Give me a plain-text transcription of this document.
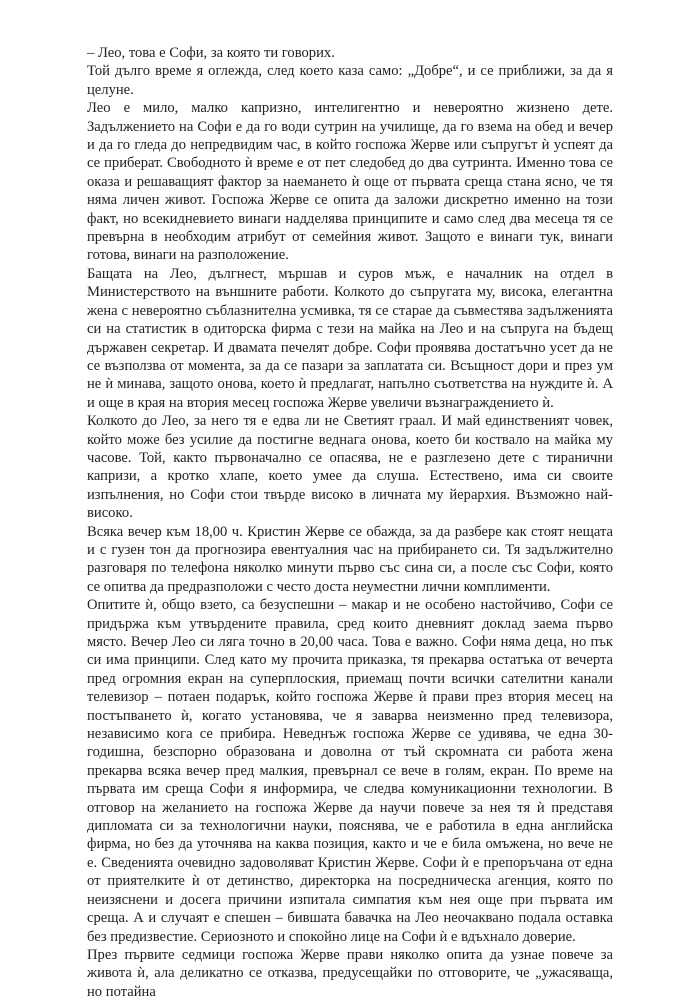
– Лео, това е Софи, за която ти говорих.

Той дълго време я оглежда, след което каза само: „Добре“, и се приближи, за да я целуне.

Лео е мило, малко капризно, интелигентно и невероятно жизнено дете. Задължението на Софи е да го води сутрин на училище, да го взема на обед и вечер и да го гледа до непредвидим час, в който госпожа Жерве или съпругът ѝ успеят да се приберат. Свободното ѝ време е от пет следобед до два сутринта. Именно това се оказа и решаващият фактор за наемането ѝ още от първата среща стана ясно, че тя няма личен живот. Госпожа Жерве се опита да заложи дискретно именно на този факт, но всекидневието винаги надделява принципите и само след два месеца тя се превърна в необходим атрибут от семейния живот. Защото е винаги тук, винаги готова, винаги на разположение.

Бащата на Лео, дългнест, мършав и суров мъж, е началник на отдел в Министерството на външните работи. Колкото до съпругата му, висока, елегантна жена с невероятно съблазнителна усмивка, тя се старае да съвместява задълженията си на статистик в одиторска фирма с тези на майка на Лео и на съпруга на бъдещ държавен секретар. И двамата печелят добре. Софи проявява достатъчно усет да не се възползва от момента, за да се пазари за заплатата си. Всъщност дори и през ум не ѝ минава, защото онова, което ѝ предлагат, напълно съответства на нуждите ѝ. А и още в края на втория месец госпожа Жерве увеличи възнаграждението ѝ.

Колкото до Лео, за него тя е едва ли не Светият граал. И май единственият човек, който може без усилие да постигне веднага онова, което би коствало на майка му часове. Той, както първоначално се опасява, не е разглезено дете с тиранични капризи, а кротко хлапе, което умее да слуша. Естествено, има си своите изпълнения, но Софи стои твърде високо в личната му йерархия. Възможно най-високо.

Всяка вечер към 18,00 ч. Кристин Жерве се обажда, за да разбере как стоят нещата и с гузен тон да прогнозира евентуалния час на прибирането си. Тя задължително разговаря по телефона няколко минути първо със сина си, а после със Софи, която се опитва да предразположи с често доста неуместни лични комплименти.

Опитите ѝ, общо взето, са безуспешни – макар и не особено настойчиво, Софи се придържа към утвърдените правила, сред които дневният доклад заема първо място. Вечер Лео си ляга точно в 20,00 часа. Това е важно. Софи няма деца, но пък си има принципи. След като му прочита приказка, тя прекарва остатъка от вечерта пред огромния екран на суперплоския, приемащ почти всички сателитни канали телевизор – потаен подарък, който госпожа Жерве ѝ прави през втория месец на постъпването ѝ, когато установява, че я заварва неизменно пред телевизора, независимо кога се прибира. Неведнъж госпожа Жерве се удивява, че една 30-годишна, безспорно образована и доволна от тъй скромната си работа жена прекарва всяка вечер пред малкия, превърнал се вече в голям, екран. По време на първата им среща Софи я информира, че следва комуникационни технологии. В отговор на желанието на госпожа Жерве да научи повече за нея тя ѝ представя дипломата си за технологични науки, пояснява, че е работила в една английска фирма, но без да уточнява на каква позиция, както и че е била омъжена, но вече не е. Сведенията очевидно задоволяват Кристин Жерве. Софи ѝ е препоръчана от една от приятелките ѝ от детинство, директорка на посредническа агенция, която по неизяснени и досега причини изпитала симпатия към нея още при първата им среща. А и случаят е спешен – бившата бавачка на Лео неочаквано подала оставка без предизвестие. Сериозното и спокойно лице на Софи ѝ е вдъхнало доверие.

През първите седмици госпожа Жерве прави няколко опита да узнае повече за живота ѝ, ала деликатно се отказва, предусещайки по отговорите, че „ужасяваща, но потайна
